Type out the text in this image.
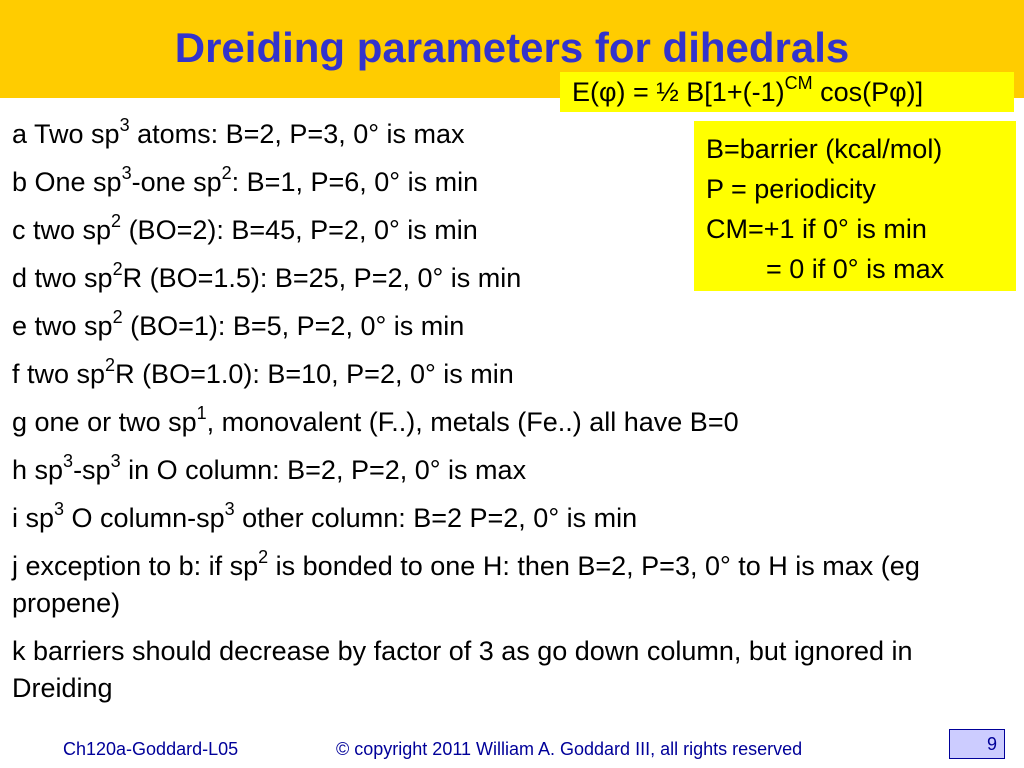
Dreiding parameters for dihedrals
E(φ) = ½ $B[1+(-1)^{CM}$ cos(Pφ)]
B=barrier (kcal/mol)
P = periodicity
CM=+1 if 0° is min
= 0 if 0° is max
a Two $sp^3$ atoms: B=2, P=3, 0° is max
b One $sp^3$-one $sp^2$: B=1, P=6, 0° is min
c two $sp^2$ (BO=2): B=45, P=2, 0° is min
d two $sp^2R$ (BO=1.5): B=25, P=2, 0° is min
e two $sp^2$ (BO=1): B=5, P=2, 0° is min
f two $sp^2R$ (BO=1.0): B=10, P=2, 0° is min
g one or two $sp^1$, monovalent (F..), metals (Fe..) all have B=0
h $sp^3-sp^3$ in O column: B=2, P=2, 0° is max
i $sp^3$ O column-$sp^3$ other column: B=2 P=2, 0° is min
j exception to b: if $sp^2$ is bonded to one H: then B=2, P=3, 0° to H is max (eg propene)
k barriers should decrease by factor of 3 as go down column, but ignored in Dreiding
Ch120a-Goddard-L05	© copyright 2011 William A. Goddard III, all rights reserved	9
